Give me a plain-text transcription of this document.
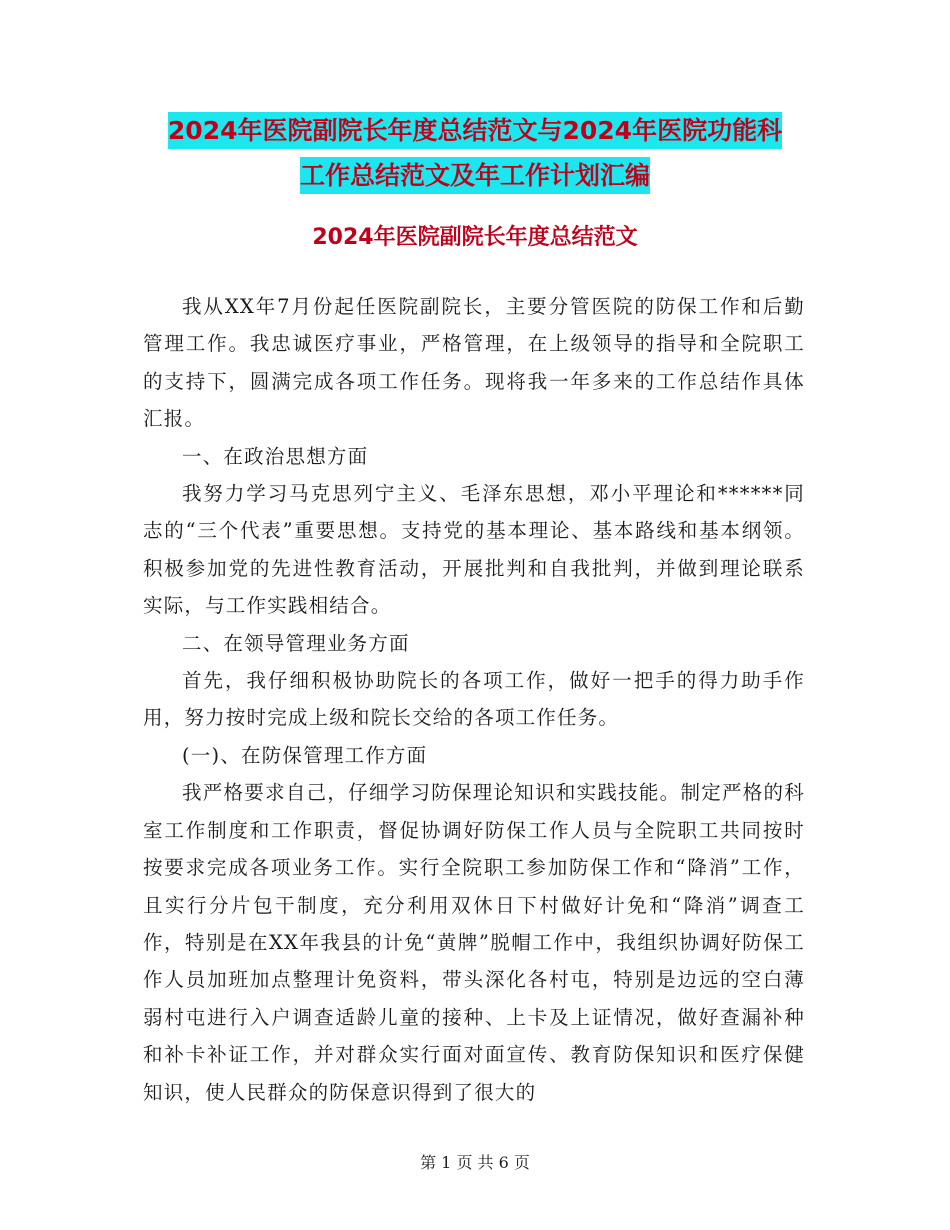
2024年医院副院长年度总结范文与2024年医院功能科
工作总结范文及年工作计划汇编
2024年医院副院长年度总结范文

我从XX年7月份起任医院副院长，主要分管医院的防保工作和后勤管理工作。我忠诚医疗事业，严格管理，在上级领导的指导和全院职工的支持下，圆满完成各项工作任务。现将我一年多来的工作总结作具体汇报。

一、在政治思想方面

我努力学习马克思列宁主义、毛泽东思想，邓小平理论和******同志的“三个代表”重要思想。支持党的基本理论、基本路线和基本纲领。积极参加党的先进性教育活动，开展批判和自我批判，并做到理论联系实际，与工作实践相结合。

二、在领导管理业务方面

首先，我仔细积极协助院长的各项工作，做好一把手的得力助手作用，努力按时完成上级和院长交给的各项工作任务。

(一)、在防保管理工作方面

我严格要求自己，仔细学习防保理论知识和实践技能。制定严格的科室工作制度和工作职责，督促协调好防保工作人员与全院职工共同按时按要求完成各项业务工作。实行全院职工参加防保工作和“降消”工作，且实行分片包干制度，充分利用双休日下村做好计免和“降消”调查工作，特别是在XX年我县的计免“黄牌”脱帽工作中，我组织协调好防保工作人员加班加点整理计免资料，带头深化各村屯，特别是边远的空白薄弱村屯进行入户调查适龄儿童的接种、上卡及上证情况，做好查漏补种和补卡补证工作，并对群众实行面对面宣传、教育防保知识和医疗保健知识，使人民群众的防保意识得到了很大的

第 1 页 共 6 页
